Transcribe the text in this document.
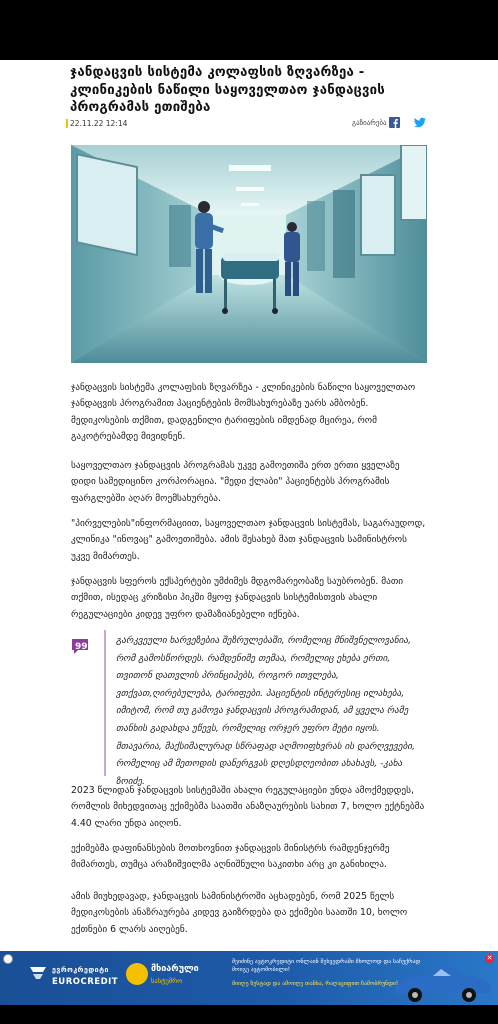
ჯანდაცვის სისტემა კოლაფსის ზღვარზეა - კლინიკების ნაწილი საყოველთაო ჯანდაცვის პროგრამას ეთიშება
22.11.22 12:14	გაზიარება

ჯანდაცვის სისტემა კოლაფსის ზღვარზეა - კლინიკების ნაწილი საყოველთაო ჯანდაცვის პროგრამით პაციენტების მომსახურებაზე უარს ამბობენ. მედიკოსების თქმით, დადგენილი ტარიფების იმდენად მცირეა, რომ გაკოტრებამდე მივიდნენ.

საყოველთაო ჯანდაცვის პროგრამას უკვე გამოეთიშა ერთ ერთი ყველაზე დიდი სამედიცინო კორპორაცია. "მედი ქლაბი" პაციენტებს პროგრამის ფარგლებში აღარ მოემსახურება.

"პირველების"ინფორმაციით, საყოველთაო ჯანდაცვის სისტემას, საგარაუდოდ, კლინიკა "ინოვაც" გამოეთიშება. ამის შესახებ მათ ჯანდაცვის სამინისტროს უკვე მიმართეს.

ჯანდაცვის სფეროს ექსპერტები უმძიმეს მდგომარეობაზე საუბრობენ. მათი თქმით, ისედაც კრიზისი პიკში მყოფ ჯანდაცვის სისტემისთვის ახალი რეგულაციები კიდევ უფრო დამაზიანებელი იქნება.

99

გარკვეული ხარვეზებია შეზრულებაში, რომელიც მნიშვნელოვანია, რომ გამოსწორდეს. რამდენიმე თემაა, რომელიც ეხება ერთი, თვითონ დათვლის პრინციპებს, როგორ ითვლება, ვთქვათ,ღირებულება, ტარიფები. პაციენტის ინტერესიც ილახება, იმიტომ, რომ თუ გამოვა ჯანდაცვის პროგრამიდან, ამ ყველა რამე თანხის გადახდა უწევს, რომელიც ორჯერ უფრო მეტი იყოს. მთავარია, მაქსიმალურად სწრაფად აღმოიფხვრას ის დარღვევები, რომელიც ამ მეთოდის დანერგვას დღესდღეობით ახახავს, -კახა ზოიძე.

2023 წლიდან ჯანდაცვის სისტემაში ახალი რეგულაციები უნდა ამოქმედდეს, რომლის მიხედვითაც ექიმებმა საათში ანაზღაურების სახით 7, ხოლო ექტნებმა 4.40 ლარი უნდა აიღონ.

ექიმებმა დაფინანსების მოთხოვნით ჯანდაცვის მინისტრს რამდენჯერმე მიმართეს, თუმცა არაზიშვილმა აღნიშნული საკითხი არც კი განიხილა.

ამის მიუხედავად, ჯანდაცვის სამინისტროში აცხადებენ, რომ 2025 წელს მედიკოსების ანაზრაურება კიდევ გაიზრდება და ექიმები საათში 10, ხოლო ექთნები 6 ლარს აიღებენ.

✕
ევროკრედიტი
EUROCREDIT
მხიარული
სასტუმრო
შეიძინე ავტოკრედიტი ონლაინ შეხვედრაში მხოლოდ და საჩუქრად მოიგე ავტომობილი!
მიიღე ზუსტად და ამოიღე თანხა, რაღაციფით ჩამობრუნდი!
